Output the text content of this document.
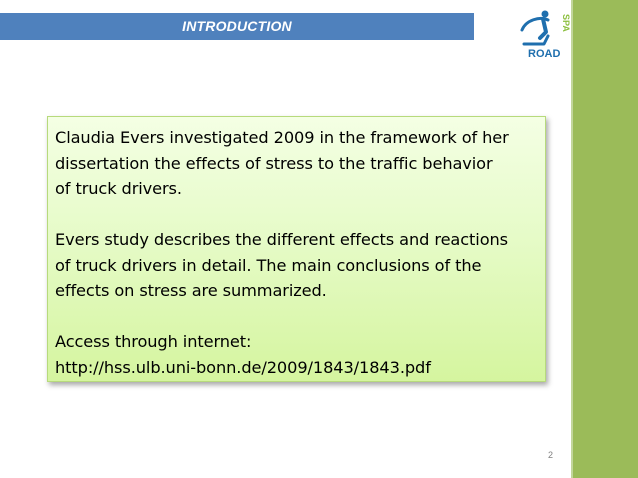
INTRODUCTION
ROAD
SPA

Claudia Evers investigated 2009 in the framework of her

dissertation the effects of stress to the traffic behavior

of truck drivers.

Evers study describes the different effects and reactions

of truck drivers in detail. The main conclusions of the

effects on stress are summarized.

Access through internet:

http://hss.ulb.uni-bonn.de/2009/1843/1843.pdf

2
